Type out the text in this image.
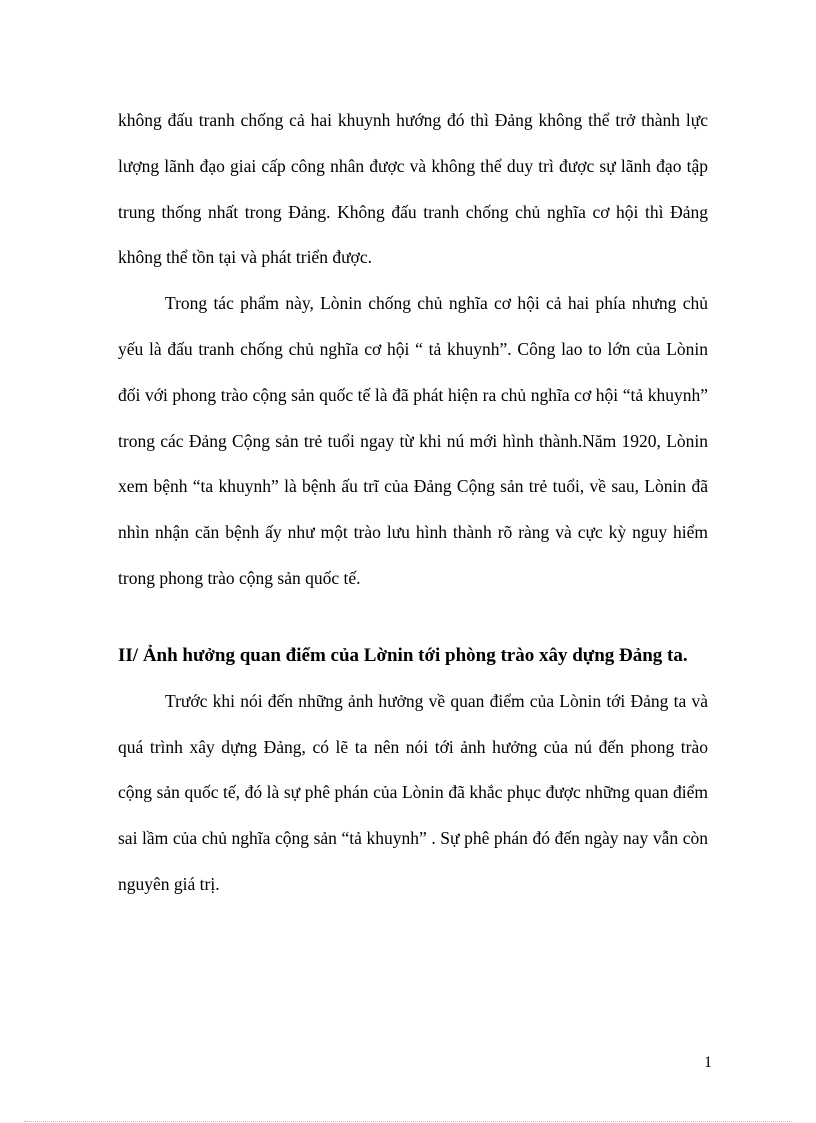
không đấu tranh chống cả hai khuynh hướng đó thì Đảng không thể trở thành lực lượng lãnh đạo giai cấp công nhân được và không thể duy trì được sự lãnh đạo tập trung thống nhất trong Đảng. Không đấu tranh chống chủ nghĩa cơ hội thì Đảng không thể tồn tại và phát triển được.

Trong tác phẩm này, Lònin chống chủ nghĩa cơ hội cả hai phía nhưng chủ yếu là đấu tranh chống chủ nghĩa cơ hội “ tả khuynh”. Công lao to lớn của Lònin đối với phong trào cộng sản quốc tế là đã phát hiện ra chủ nghĩa cơ hội “tả khuynh” trong các Đảng Cộng sản trẻ tuổi ngay từ khi nú mới hình thành.Năm 1920, Lònin xem bệnh “ta khuynh” là bệnh ấu trĩ của Đảng Cộng sản trẻ tuổi, về sau, Lònin đã nhìn nhận căn bệnh ấy như một trào lưu hình thành rõ ràng và cực kỳ nguy hiểm trong phong trào cộng sản quốc tế.

II/ Ảnh hưởng quan điểm của Lờnin tới phòng trào xây dựng Đảng ta.

Trước khi nói đến những ảnh hưởng về quan điểm của Lònin tới Đảng ta và quá trình xây dựng Đảng, có lẽ ta nên nói tới ảnh hưởng của nú đến phong trào cộng sản quốc tế, đó là sự phê phán của Lònin đã khắc phục được những quan điểm sai lầm của chủ nghĩa cộng sản “tả khuynh” . Sự phê phán đó đến ngày nay vẫn còn nguyên giá trị.

1
